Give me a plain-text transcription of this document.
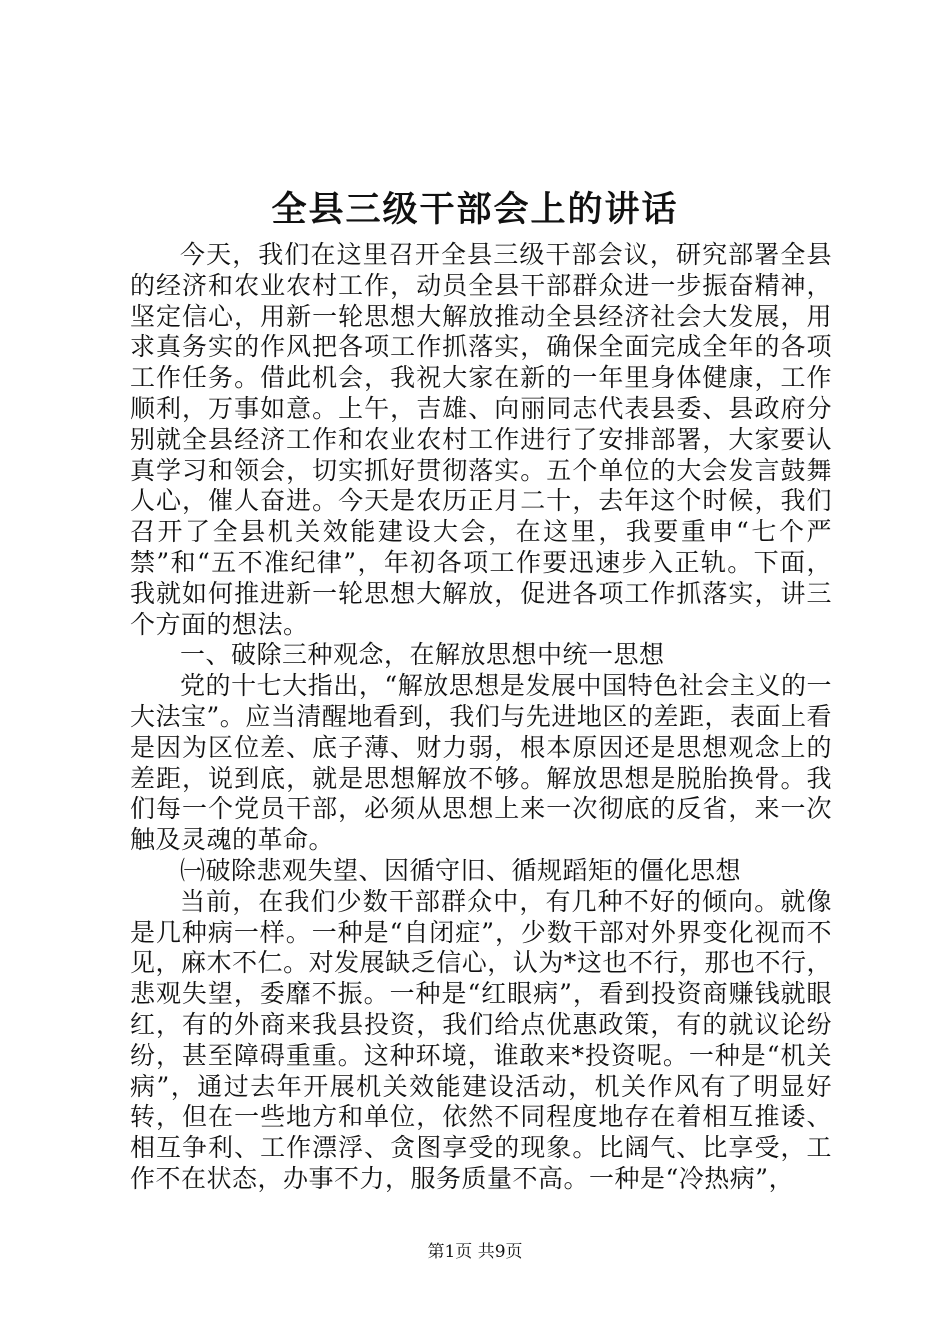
全县三级干部会上的讲话

今天，我们在这里召开全县三级干部会议，研究部署全县的经济和农业农村工作，动员全县干部群众进一步振奋精神，坚定信心，用新一轮思想大解放推动全县经济社会大发展，用求真务实的作风把各项工作抓落实，确保全面完成全年的各项工作任务。借此机会，我祝大家在新的一年里身体健康，工作顺利，万事如意。上午，吉雄、向丽同志代表县委、县政府分别就全县经济工作和农业农村工作进行了安排部署，大家要认真学习和领会，切实抓好贯彻落实。五个单位的大会发言鼓舞人心，催人奋进。今天是农历正月二十，去年这个时候，我们召开了全县机关效能建设大会，在这里，我要重申“七个严禁”和“五不准纪律”，年初各项工作要迅速步入正轨。下面，我就如何推进新一轮思想大解放，促进各项工作抓落实，讲三个方面的想法。

一、破除三种观念，在解放思想中统一思想

党的十七大指出，“解放思想是发展中国特色社会主义的一大法宝”。应当清醒地看到，我们与先进地区的差距，表面上看是因为区位差、底子薄、财力弱，根本原因还是思想观念上的差距，说到底，就是思想解放不够。解放思想是脱胎换骨。我们每一个党员干部，必须从思想上来一次彻底的反省，来一次触及灵魂的革命。

㈠破除悲观失望、因循守旧、循规蹈矩的僵化思想

当前，在我们少数干部群众中，有几种不好的倾向。就像是几种病一样。一种是“自闭症”，少数干部对外界变化视而不见，麻木不仁。对发展缺乏信心，认为*这也不行，那也不行，悲观失望，委靡不振。一种是“红眼病”，看到投资商赚钱就眼红，有的外商来我县投资，我们给点优惠政策，有的就议论纷纷，甚至障碍重重。这种环境，谁敢来*投资呢。一种是“机关病”，通过去年开展机关效能建设活动，机关作风有了明显好转，但在一些地方和单位，依然不同程度地存在着相互推诿、相互争利、工作漂浮、贪图享受的现象。比阔气、比享受，工作不在状态，办事不力，服务质量不高。一种是“冷热病”，

第1页 共9页
